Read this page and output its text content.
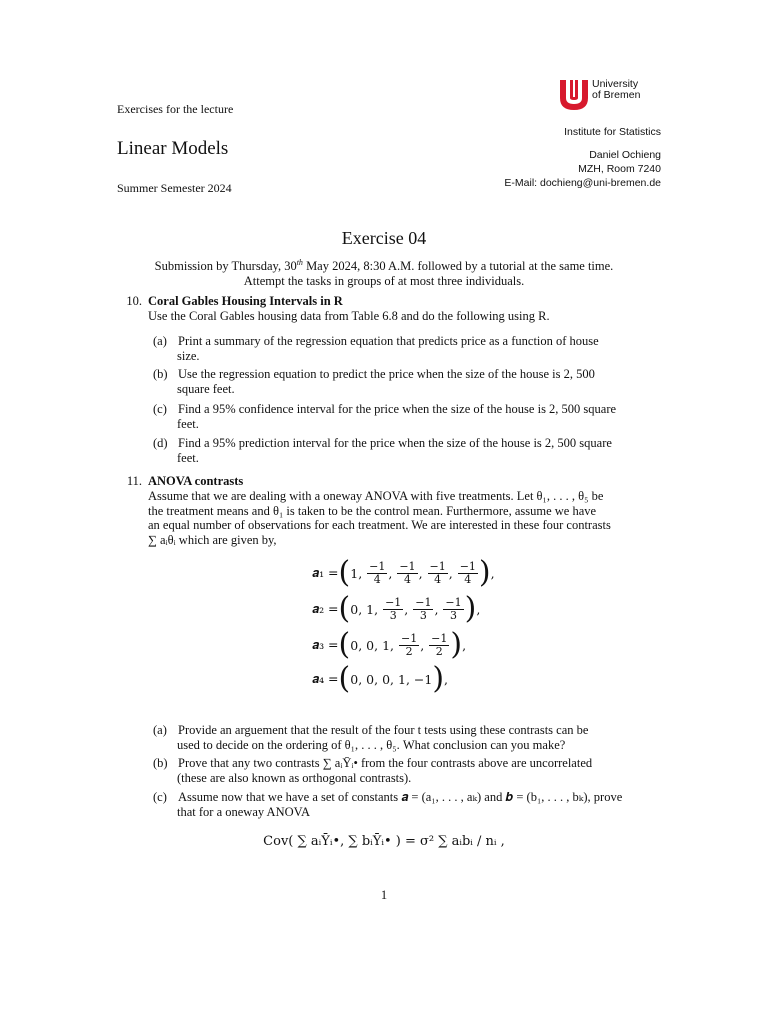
Exercises for the lecture
Linear Models
Summer Semester 2024
University
of Bremen
Institute for Statistics
Daniel Ochieng
MZH, Room 7240
E-Mail: dochieng@uni-bremen.de
Exercise 04
Submission by Thursday, 30th May 2024, 8:30 A.M. followed by a tutorial at the same time.
Attempt the tasks in groups of at most three individuals.
10. Coral Gables Housing Intervals in R
Use the Coral Gables housing data from Table 6.8 and do the following using R.
(a) Print a summary of the regression equation that predicts price as a function of house
size.
(b) Use the regression equation to predict the price when the size of the house is 2, 500
square feet.
(c) Find a 95% confidence interval for the price when the size of the house is 2, 500 square
feet.
(d) Find a 95% prediction interval for the price when the size of the house is 2, 500 square
feet.
11. ANOVA contrasts
Assume that we are dealing with a oneway ANOVA with five treatments. Let θ₁, . . . , θ₅ be
the treatment means and θ₁ is taken to be the control mean. Furthermore, assume we have
an equal number of observations for each treatment. We are interested in these four contrasts
∑ aᵢθᵢ which are given by,
𝒂₁ = ( 1 , $\frac{-1}{4}$ , $\frac{-1}{4}$ , $\frac{-1}{4}$ , $\frac{-1}{4}$ ) ,
𝒂₂ = ( 0 , 1 , $\frac{-1}{3}$ , $\frac{-1}{3}$ , $\frac{-1}{3}$ ) ,
𝒂₃ = ( 0 , 0 , 1 , $\frac{-1}{2}$ , $\frac{-1}{2}$ ) ,
𝒂₄ = ( 0 , 0 , 0 , 1 , −1 ) ,
(a) Provide an arguement that the result of the four t tests using these contrasts can be
used to decide on the ordering of θ₁, . . . , θ₅. What conclusion can you make?
(b) Prove that any two contrasts ∑ aᵢȲᵢ• from the four contrasts above are uncorrelated
(these are also known as orthogonal contrasts).
(c) Assume now that we have a set of constants 𝒂 = (a₁, . . . , aₖ) and 𝒃 = (b₁, . . . , bₖ), prove
that for a oneway ANOVA
Cov( ∑ aᵢȲᵢ•, ∑ bᵢȲᵢ• ) = σ² ∑ aᵢbᵢ / nᵢ ,
1
